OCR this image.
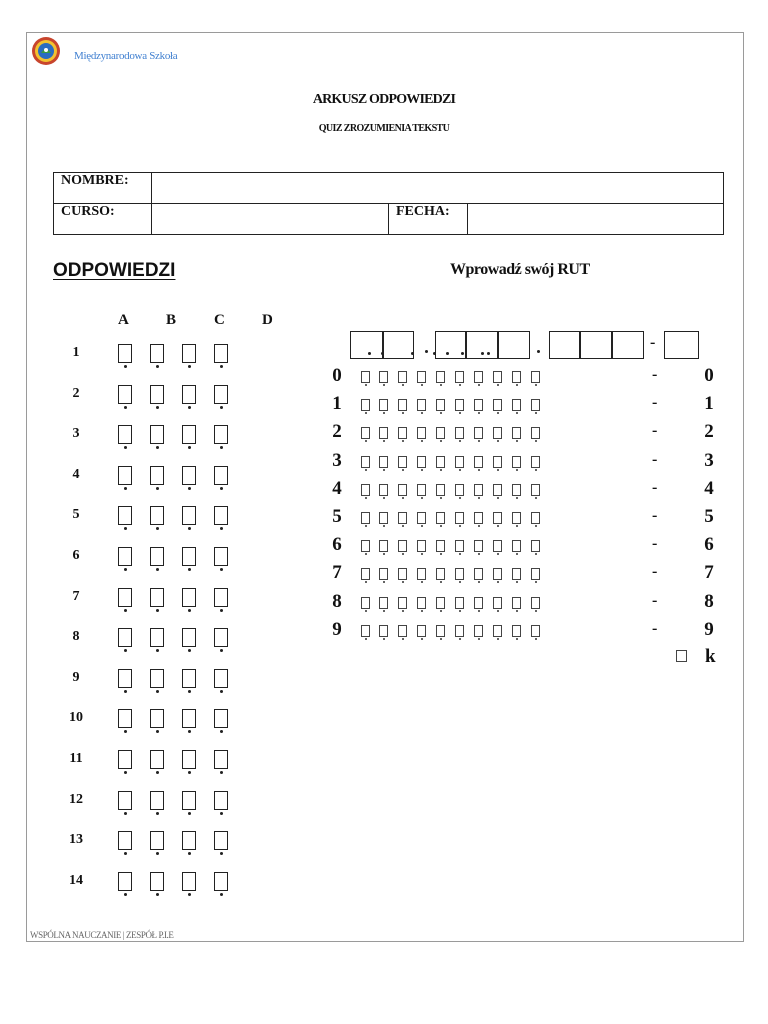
Międzynarodowa Szkoła
ARKUSZ ODPOWIEDZI
QUIZ ZROZUMIENIA TEKSTU
NOMBRE:			
CURSO:		FECHA:	
ODPOWIEDZI	Wprowadź swój RUT
A B	C D
1
2
3
4
5
6
7
8
9
10
11
12
13
14
-
0	- 0
1	- 1
2	- 2
3	- 3
4	- 4
5	- 5
6	- 6
7	- 7
8	- 8
9	- 9
k
WSPÓLNA NAUCZANIE | ZESPÓŁ P.I.E
